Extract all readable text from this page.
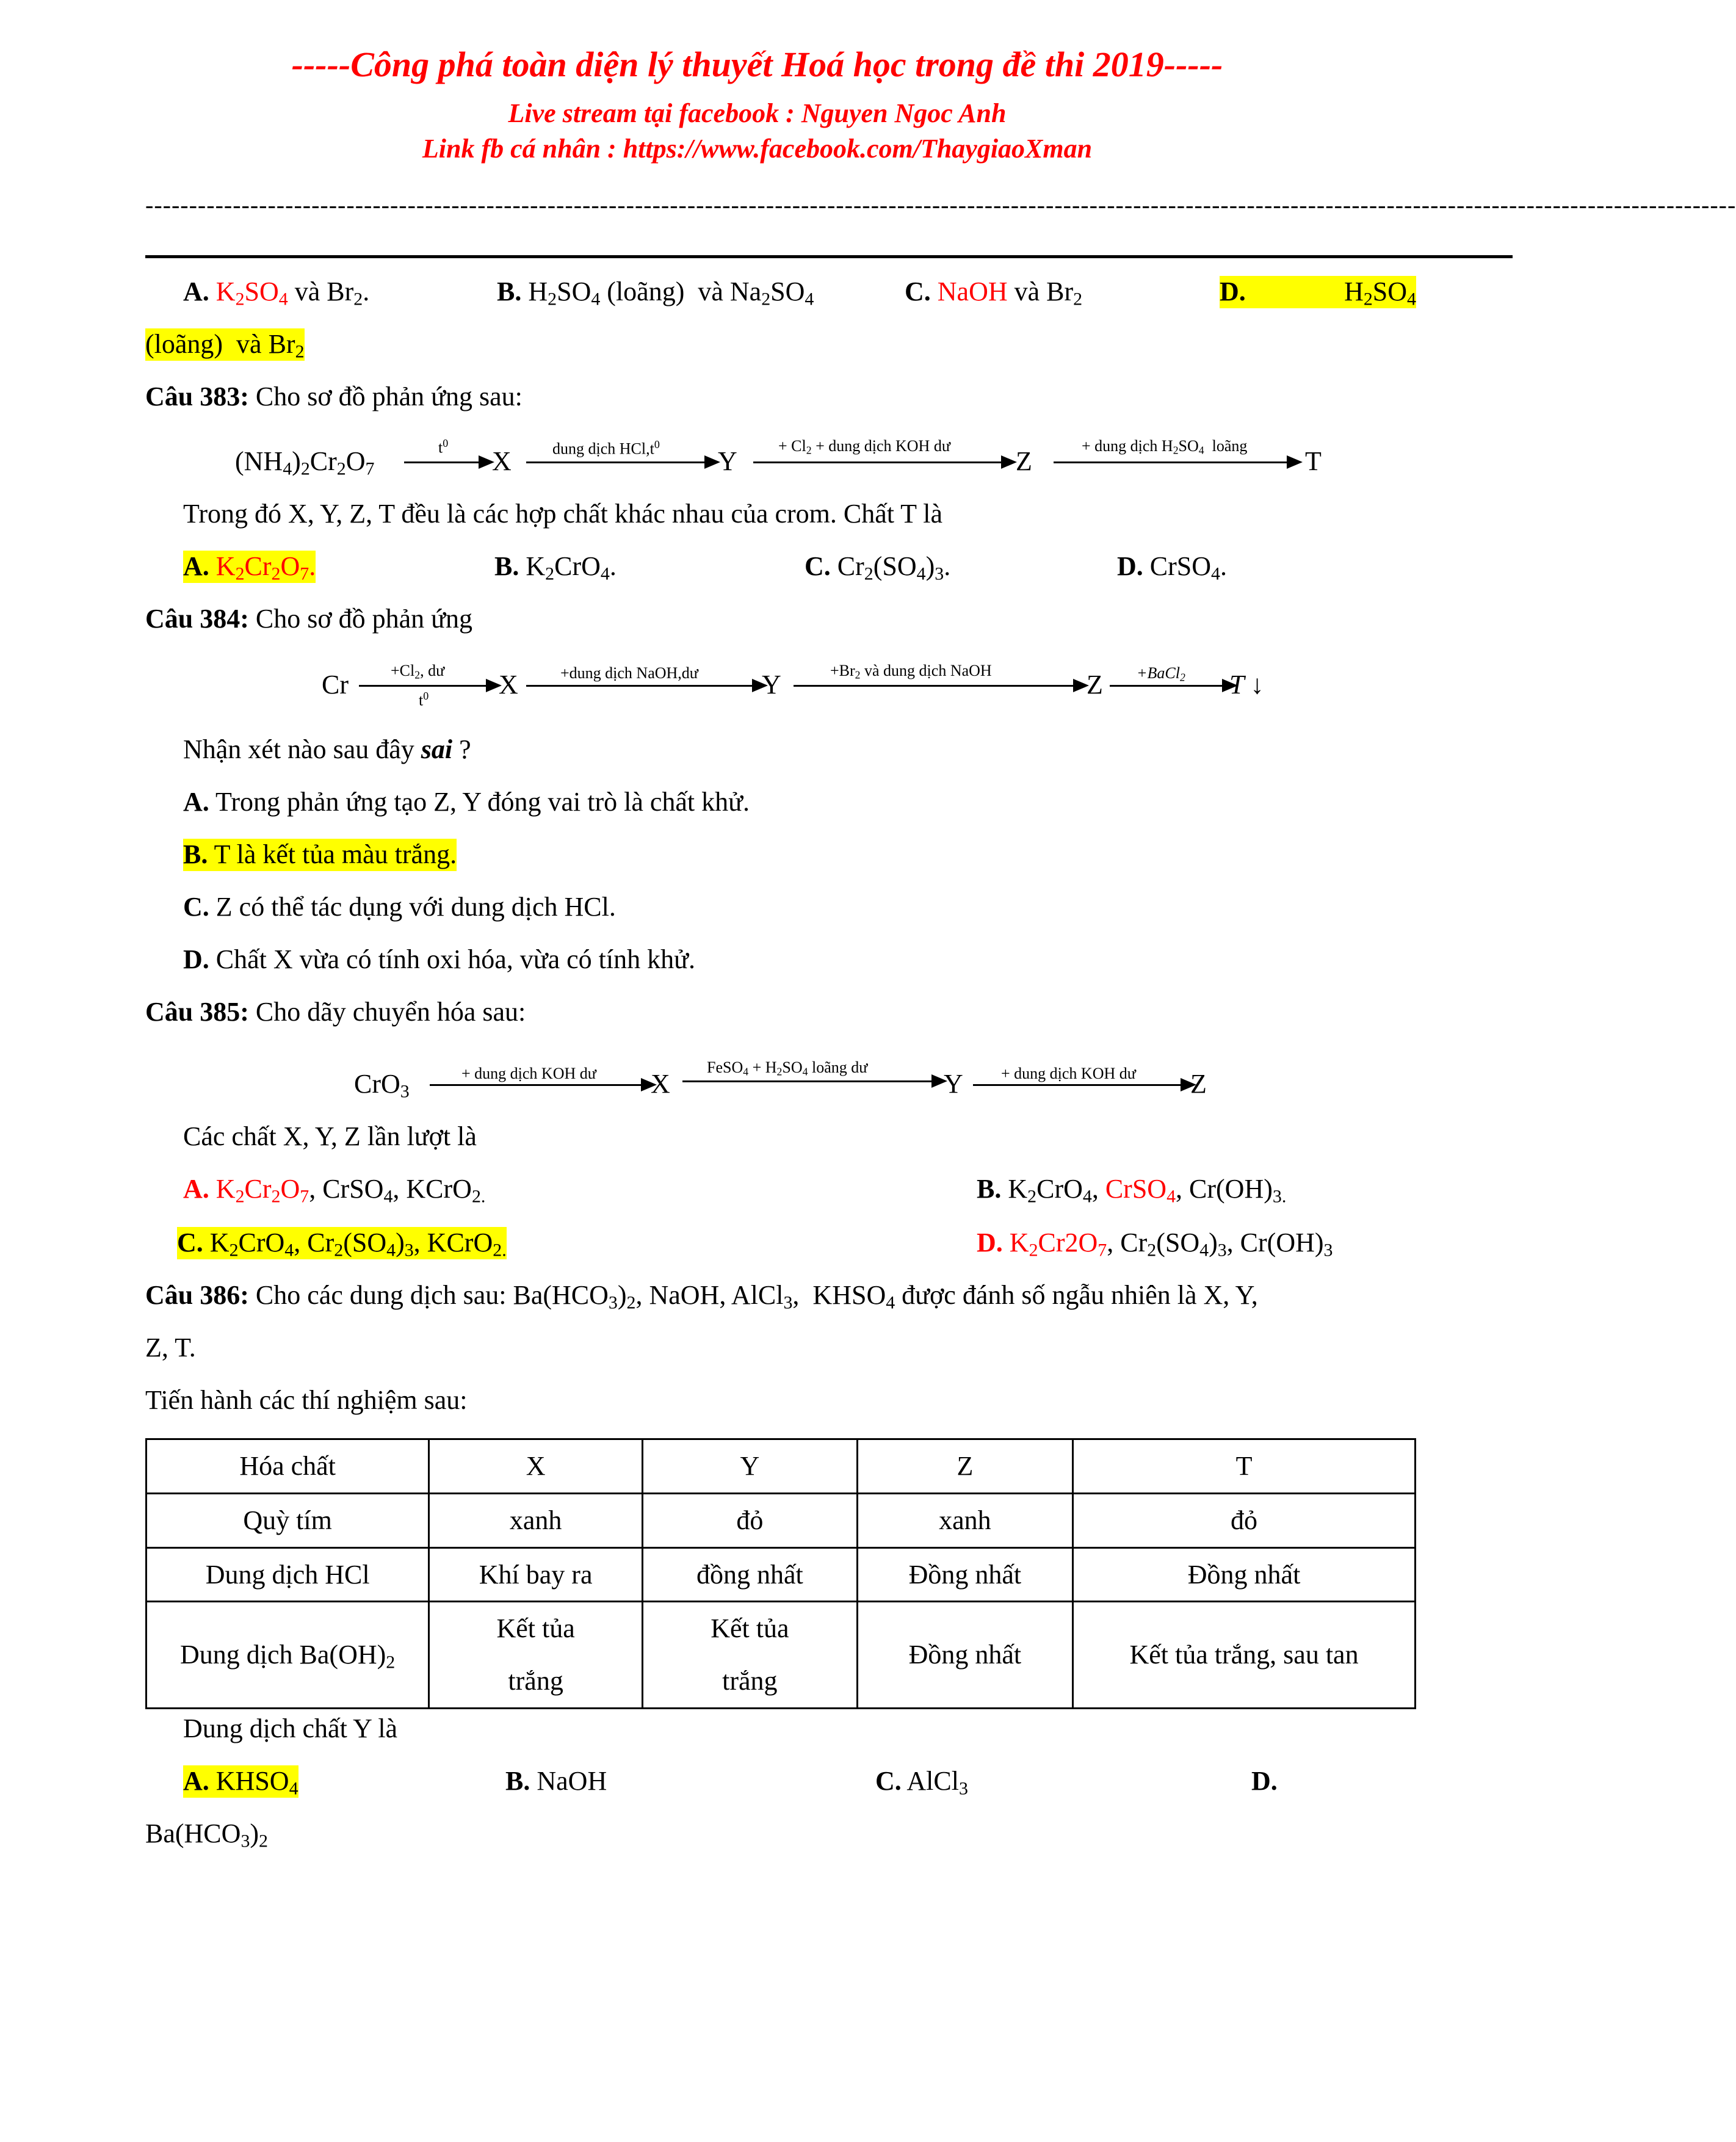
-----Công phá toàn diện lý thuyết Hoá học trong đề thi 2019-----
Live stream tại facebook : Nguyen Ngoc Anh
Link fb cá nhân : https://www.facebook.com/ThaygiaoXman
--------------------------------------------------------------------------------------------------------------------------------------------------------------------------------------
A. $K_2SO_4$ và $Br_2$.	B. $H_2SO_4$ (loãng)  và $Na_2SO_4$	C. NaOH và $Br_2$	D.	$H_2SO_4$
(loãng)  và $Br_2$
Câu 383: Cho sơ đồ phản ứng sau:
$(NH_4)_2Cr_2O_7$
$t^0$
X	dung dịch $HCl,t^0$
Y
+ $Cl_2$ + dung dịch KOH dư
Z
+ dung dịch $H_2SO_4$  loãng
T
Trong đó X, Y, Z, T đều là các hợp chất khác nhau của crom. Chất T là
A. $K_2Cr_2O_7$.	B. $K_2CrO_4$.	C. $Cr_2(SO_4)_3$.	D. CrSO$_4$.
Câu 384: Cho sơ đồ phản ứng
Cr	$+Cl_2$, dư
$t^0$	X	+dung dịch NaOH,dư Y	$+Br_2$ và dung dịch NaOH	Z +BaCl$_2$ T ↓
Nhận xét nào sau đây sai ?
A. Trong phản ứng tạo Z, Y đóng vai trò là chất khử.
B. T là kết tủa màu trắng.
C. Z có thể tác dụng với dung dịch HCl.
D. Chất X vừa có tính oxi hóa, vừa có tính khử.
Câu 385: Cho dãy chuyển hóa sau:
CrO$_3$
+ dung dịch KOH dư X
FeSO$_4$ + $H_2SO_4$ loãng dư
Y + dung dịch KOH dư Z
Các chất X, Y, Z lần lượt là
A. $K_2Cr_2O_7$, CrSO$_4$, KCrO$_{2.}$	B. $K_2CrO_4$, CrSO$_4$, $Cr(OH)_{3.}$
C. $K_2CrO_4$, $Cr_2(SO_4)_3$, KCrO$_{2.}$	D. $K_2Cr2O_7$, $Cr_2(SO_4)_3$, $Cr(OH)_3$
Câu 386: Cho các dung dịch sau: $Ba(HCO_3)_2$, NaOH, AlCl$_3$,  $KHSO_4$ được đánh số ngẫu nhiên là X, Y,
Z, T.
Tiến hành các thí nghiệm sau:
Hóa chất	X	Y	Z	T
Quỳ tím	xanh	đỏ	xanh	đỏ
Dung dịch HCl	Khí bay ra	đồng nhất	Đồng nhất	Đồng nhất
Dung dịch $Ba(OH)_2$	Kết tủa trắng	Kết tủa trắng	Đồng nhất	Kết tủa trắng, sau tan
Dung dịch chất Y là
A. $KHSO_4$	B. NaOH	C. AlCl$_3$	D.
$Ba(HCO_3)_2$
